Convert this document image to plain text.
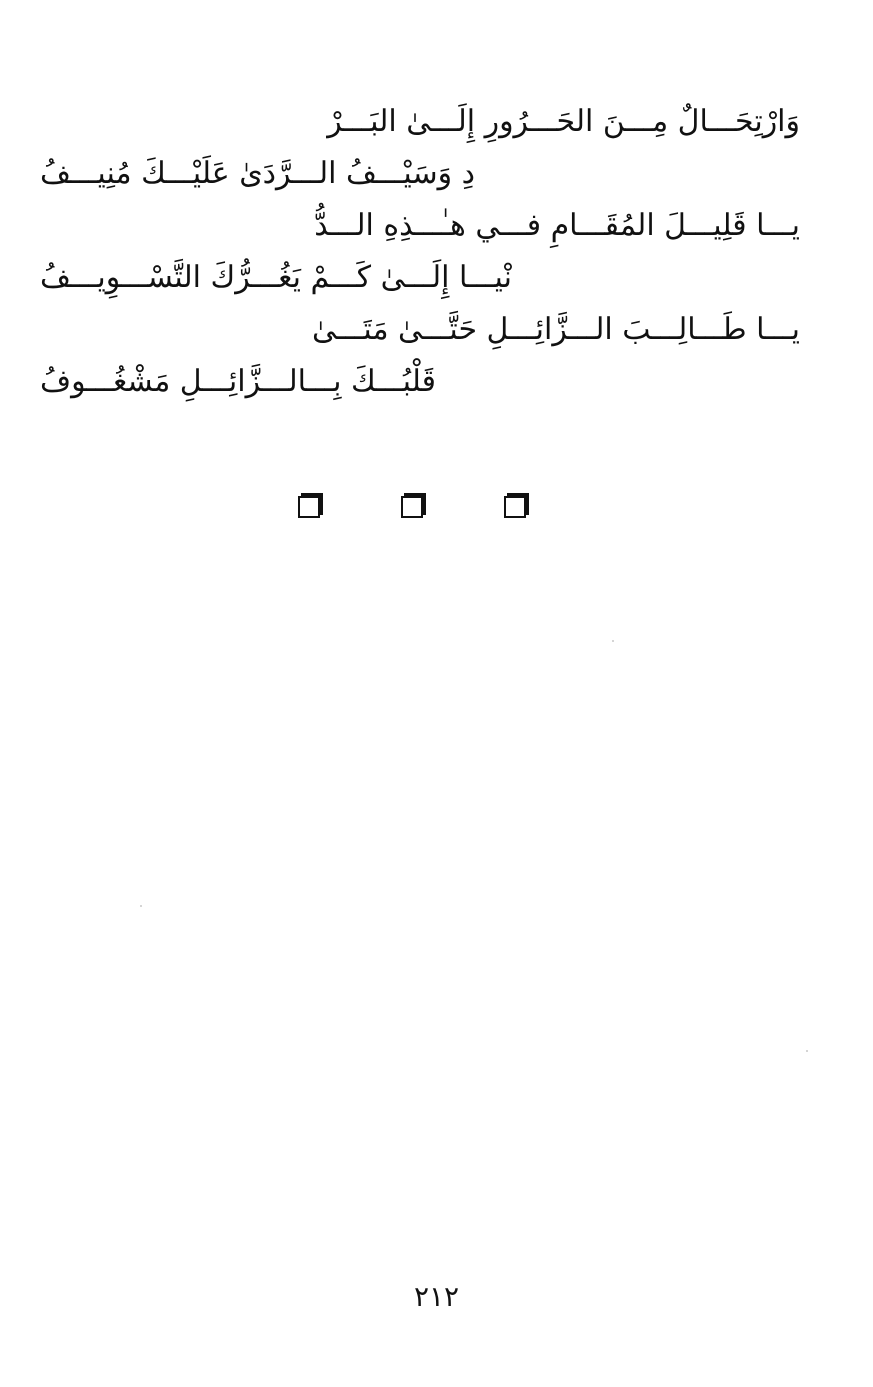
وَارْتِحَـــالٌ مِـــنَ الحَـــرُورِ إِلَـــىٰ البَـــرْ
دِ وَسَيْـــفُ الـــرَّدَىٰ عَلَيْـــكَ مُنِيـــفُ
يـــا قَلِيـــلَ المُقَـــامِ فـــي هـٰـــذِهِ الـــدُّ
نْيـــا إِلَـــىٰ كَـــمْ يَغُـــرُّكَ التَّسْـــوِيـــفُ
يـــا طَـــالِـــبَ الـــزَّائِـــلِ حَتَّـــىٰ مَتَـــىٰ
قَلْبُـــكَ بِـــالـــزَّائِـــلِ مَشْغُـــوفُ
٢١٢
